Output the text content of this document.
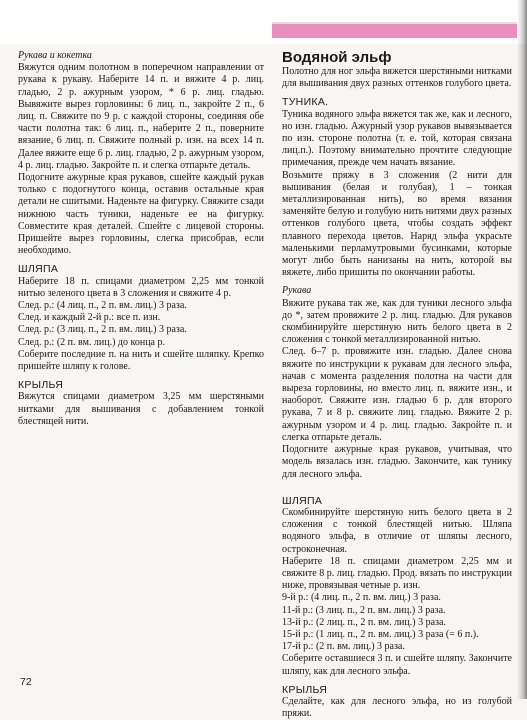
Рукава и кокетка

Вяжутся одним полотном в поперечном направлении от рукава к рукаву. Наберите 14 п. и вяжите 4 р. лиц. гладью, 2 р. ажурным узором, * 6 р. лиц. гладью. Вывяжите вырез горловины: 6 лиц. п., закройте 2 п., 6 лиц. п. Свяжите по 9 р. с каждой стороны, соединяя обе части полотна так: 6 лиц. п., наберите 2 п., поверните вязание, 6 лиц. п. Свяжите полный р. изн. на всех 14 п. Далее вяжите еще 6 р. лиц. гладью, 2 р. ажурным узором, 4 р. лиц. гладью. Закройте п. и слегка отпарьте деталь.

Подогните ажурные края рукавов, сшейте каждый рукав только с подогнутого конца, оставив остальные края детали не сшитыми. Наденьте на фигурку. Свяжите сзади нижнюю часть туники, наденьте ее на фигурку. Совместите края деталей. Сшейте с лицевой стороны. Пришейте вырез горловины, слегка присобрав, если необходимо.

ШЛЯПА

Наберите 18 п. спицами диаметром 2,25 мм тонкой нитью зеленого цвета в 3 сложения и свяжите 4 р.

След. р.: (4 лиц. п., 2 п. вм. лиц.) 3 раза.

След. и каждый 2-й р.: все п. изн.

След. р.: (3 лиц. п., 2 п. вм. лиц.) 3 раза.

След. р.: (2 п. вм. лиц.) до конца р.

Соберите последние п. на нить и сшейте шляпку. Крепко пришейте шляпу к голове.

КРЫЛЬЯ

Вяжутся спицами диаметром 3,25 мм шерстяными нитками для вышивания с добавлением тонкой блестящей нити.

Водяной эльф

Полотно для ног эльфа вяжется шерстяными нитками для вышивания двух разных оттенков голубого цвета.

ТУНИКА.

Туника водяного эльфа вяжется так же, как и лесного, но изн. гладью. Ажурный узор рукавов вывязывается по изн. стороне полотна (т. е. той, которая связана лиц.п.). Поэтому внимательно прочтите следующие примечания, прежде чем начать вязание.

Возьмите пряжу в 3 сложения (2 нити для вышивания (белая и голубая), 1 – тонкая металлизированная нить), во время вязания заменяйте белую и голубую нить нитями двух разных оттенков голубого цвета, чтобы создать эффект плавного перехода цветов. Наряд эльфа украсьте маленькими перламутровыми бусинками, которые могут либо быть нанизаны на нить, которой вы вяжете, либо пришиты по окончании работы.

Рукава

Вяжите рукава так же, как для туники лесного эльфа до *, затем провяжите 2 р. лиц. гладью. Для рукавов скомбинируйте шерстяную нить белого цвета в 2 сложения с тонкой металлизированной нитью.

След. 6–7 р. провяжите изн. гладью. Далее снова вяжите по инструкции к рукавам для лесного эльфа, начав с момента разделения полотна на части для выреза горловины, но вместо лиц. п. вяжите изн., и наоборот. Свяжите изн. гладью 6 р. для второго рукава, 7 и 8 р. свяжите лиц. гладью. Вяжите 2 р. ажурным узором и 4 р. лиц. гладью. Закройте п. и слегка отпарьте деталь.

Подогните ажурные края рукавов, учитывая, что модель вязалась изн. гладью. Закончите, как тунику для лесного эльфа.

ШЛЯПА

Скомбинируйте шерстяную нить белого цвета в 2 сложения с тонкой блестящей нитью. Шляпа водяного эльфа, в отличие от шляпы лесного, остроконечная.

Наберите 18 п. спицами диаметром 2,25 мм и свяжите 8 р. лиц. гладью. Прод. вязать по инструкции ниже, провязывая четные р. изн.

9-й р.: (4 лиц. п., 2 п. вм. лиц.) 3 раза.

11-й р.: (3 лиц. п., 2 п. вм. лиц.) 3 раза.

13-й р.: (2 лиц. п., 2 п. вм. лиц.) 3 раза.

15-й р.: (1 лиц. п., 2 п. вм. лиц.) 3 раза (= 6 п.).

17-й р.: (2 п. вм. лиц.) 3 раза.

Соберите оставшиеся 3 п. и сшейте шляпу. Закончите шляпу, как для лесного эльфа.

КРЫЛЬЯ

Сделайте, как для лесного эльфа, но из голубой пряжи.

72
